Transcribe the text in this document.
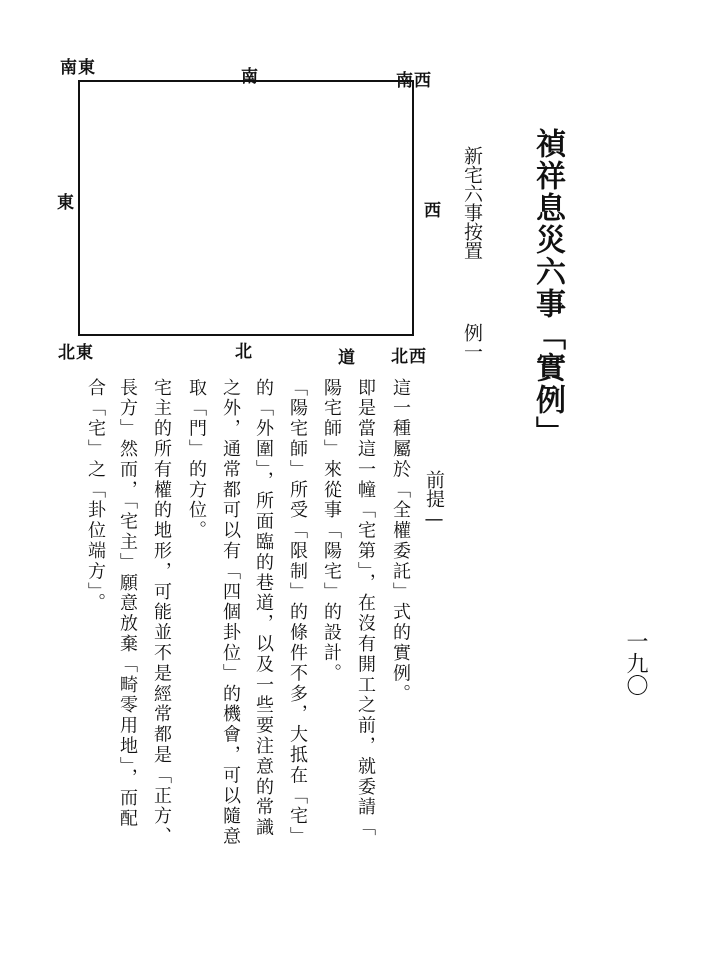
南東	南	南西
東	西
北東	北	道 北西	禎祥息災六事「實例」
新宅六事按置
例一
前提—
這一種屬於「全權委託」式的實例。
即是當這一幢「宅第」，在沒有開工之前，就委請「
陽宅師」來從事「陽宅」的設計。
「陽宅師」所受「限制」的條件不多，大抵在「宅」
的「外圍」，所面臨的巷道，以及一些要注意的常識
之外，通常都可以有「四個卦位」的機會，可以隨意
取「門」的方位。
宅主的所有權的地形，可能並不是經常都是「正方、
長方」然而，「宅主」願意放棄「畸零用地」，而配
合「宅」之「卦位端方」。
一九〇
